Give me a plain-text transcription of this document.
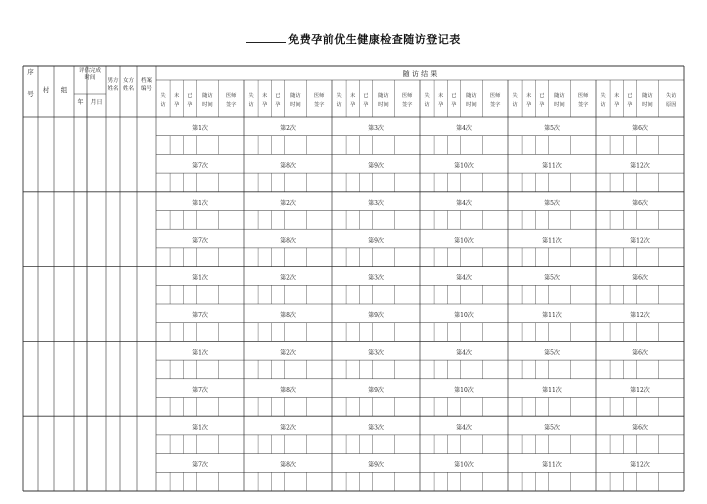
免费孕前优生健康检查随访登记表
第1次
第7次
第2次
第8次
第3次
第9次
第4次
第10次
第5次
第11次
第6次
第12次
第1次
第7次
第2次
第8次
第3次
第9次
第4次
第10次
第5次
第11次
第6次
第12次
第1次
第7次
第2次
第8次
第3次
第9次
第4次
第10次
第5次
第11次
第6次
第12次
第1次
第7次
第2次
第8次
第3次
第9次
第4次
第10次
第5次
第11次
第6次
第12次
第1次
第7次
第2次
第8次
第3次
第9次
第4次
第10次
第5次
第11次
第6次
第12次
序
号 村 组
评估完成
时间
年 月日
男方
姓名
女方
姓名
档案
编号
随 访 结 果
失
访
未
孕
已
孕
随访
时间
医师
签字
失
访
未
孕
已
孕
随访
时间
医师
签字
失
访
未
孕
已
孕
随访
时间
医师
签字
失
访
未
孕
已
孕
随访
时间
医师
签字
失
访
未
孕
已
孕
随访
时间
医师
签字
失
访
未
孕
已
孕
随访
时间
失访
原因
